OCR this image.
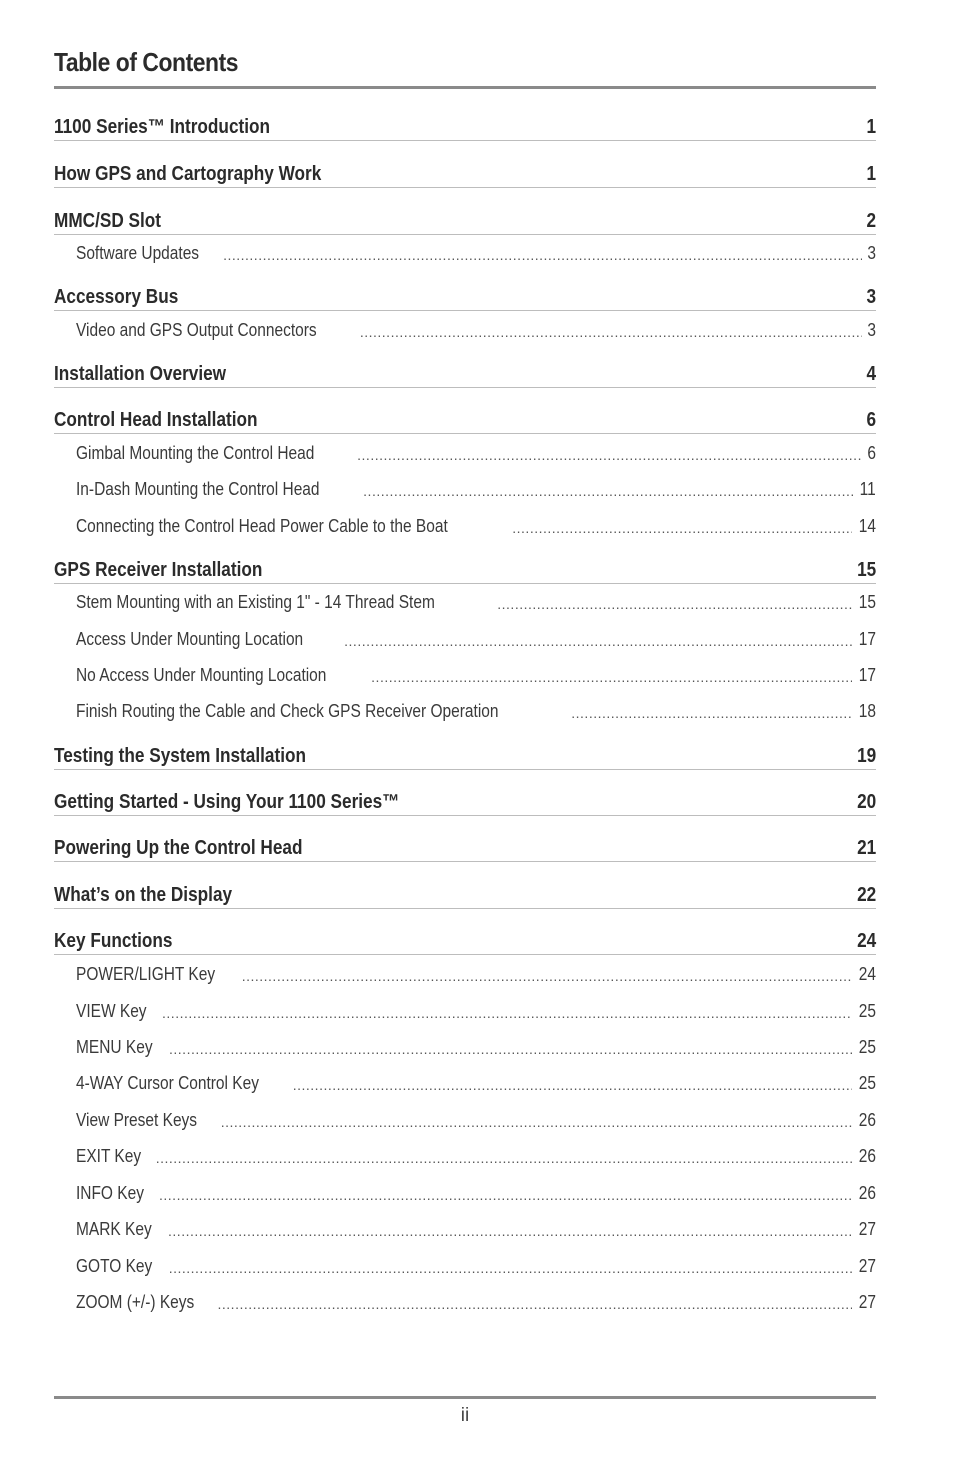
Table of Contents
1100 Series™ Introduction	1
How GPS and Cartography Work	1
MMC/SD Slot	2
Software Updates .....	3
Accessory Bus	3
Video and GPS Output Connectors .....	3
Installation Overview	4
Control Head Installation	6
Gimbal Mounting the Control Head .....	6
In-Dash Mounting the Control Head .....	11
Connecting the Control Head Power Cable to the Boat .....	14
GPS Receiver Installation	15
Stem Mounting with an Existing 1" - 14 Thread Stem .....	15
Access Under Mounting Location .....	17
No Access Under Mounting Location .....	17
Finish Routing the Cable and Check GPS Receiver Operation .....	18
Testing the System Installation	19
Getting Started - Using Your 1100 Series™	20
Powering Up the Control Head	21
What’s on the Display	22
Key Functions	24
POWER/LIGHT Key .....	24
VIEW Key .....	25
MENU Key .....	25
4-WAY Cursor Control Key .....	25
View Preset Keys .....	26
EXIT Key .....	26
INFO Key .....	26
MARK Key .....	27
GOTO Key .....	27
ZOOM (+/-) Keys .....	27
ii
